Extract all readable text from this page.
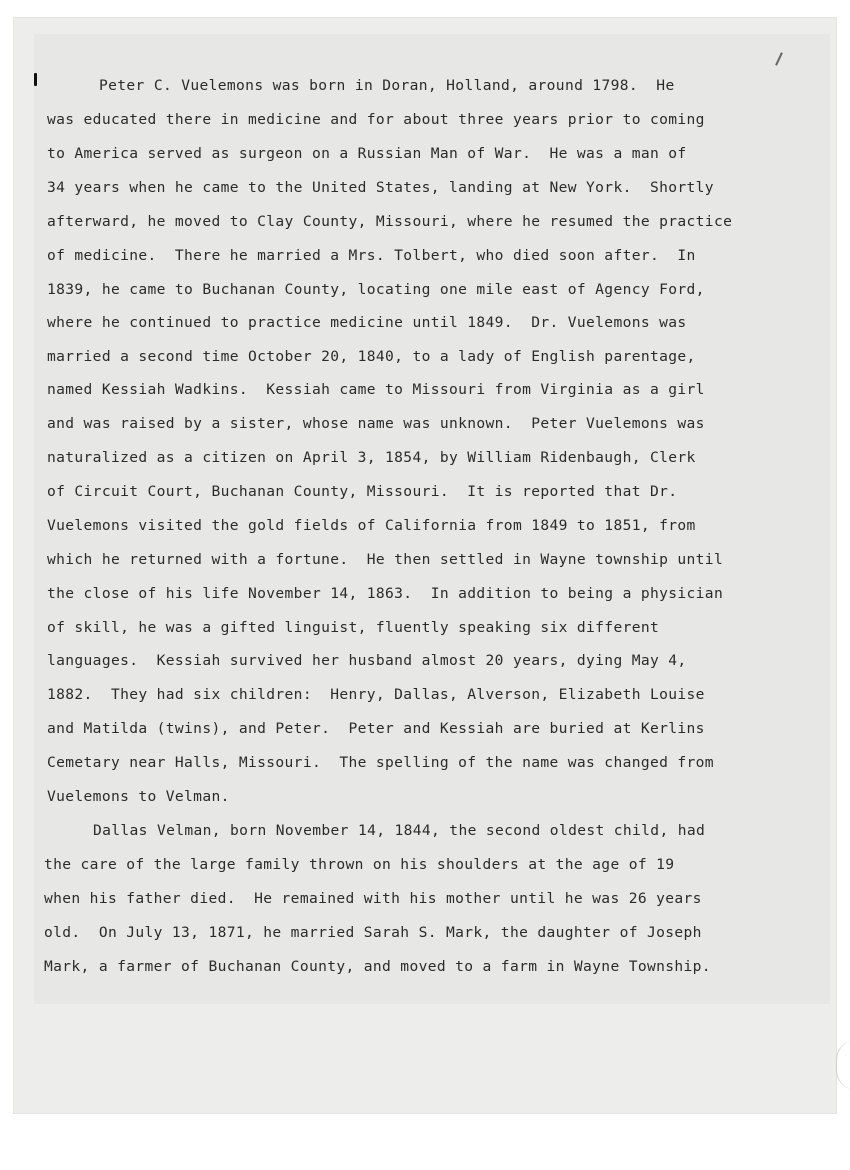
Peter C. Vuelemons was born in Doran, Holland, around 1798.  He
was educated there in medicine and for about three years prior to coming
to America served as surgeon on a Russian Man of War.  He was a man of
34 years when he came to the United States, landing at New York.  Shortly
afterward, he moved to Clay County, Missouri, where he resumed the practice
of medicine.  There he married a Mrs. Tolbert, who died soon after.  In
1839, he came to Buchanan County, locating one mile east of Agency Ford,
where he continued to practice medicine until 1849.  Dr. Vuelemons was
married a second time October 20, 1840, to a lady of English parentage,
named Kessiah Wadkins.  Kessiah came to Missouri from Virginia as a girl
and was raised by a sister, whose name was unknown.  Peter Vuelemons was
naturalized as a citizen on April 3, 1854, by William Ridenbaugh, Clerk
of Circuit Court, Buchanan County, Missouri.  It is reported that Dr.
Vuelemons visited the gold fields of California from 1849 to 1851, from
which he returned with a fortune.  He then settled in Wayne township until
the close of his life November 14, 1863.  In addition to being a physician
of skill, he was a gifted linguist, fluently speaking six different
languages.  Kessiah survived her husband almost 20 years, dying May 4,
1882.  They had six children:  Henry, Dallas, Alverson, Elizabeth Louise
and Matilda (twins), and Peter.  Peter and Kessiah are buried at Kerlins
Cemetary near Halls, Missouri.  The spelling of the name was changed from
Vuelemons to Velman.
Dallas Velman, born November 14, 1844, the second oldest child, had
the care of the large family thrown on his shoulders at the age of 19
when his father died.  He remained with his mother until he was 26 years
old.  On July 13, 1871, he married Sarah S. Mark, the daughter of Joseph
Mark, a farmer of Buchanan County, and moved to a farm in Wayne Township.
